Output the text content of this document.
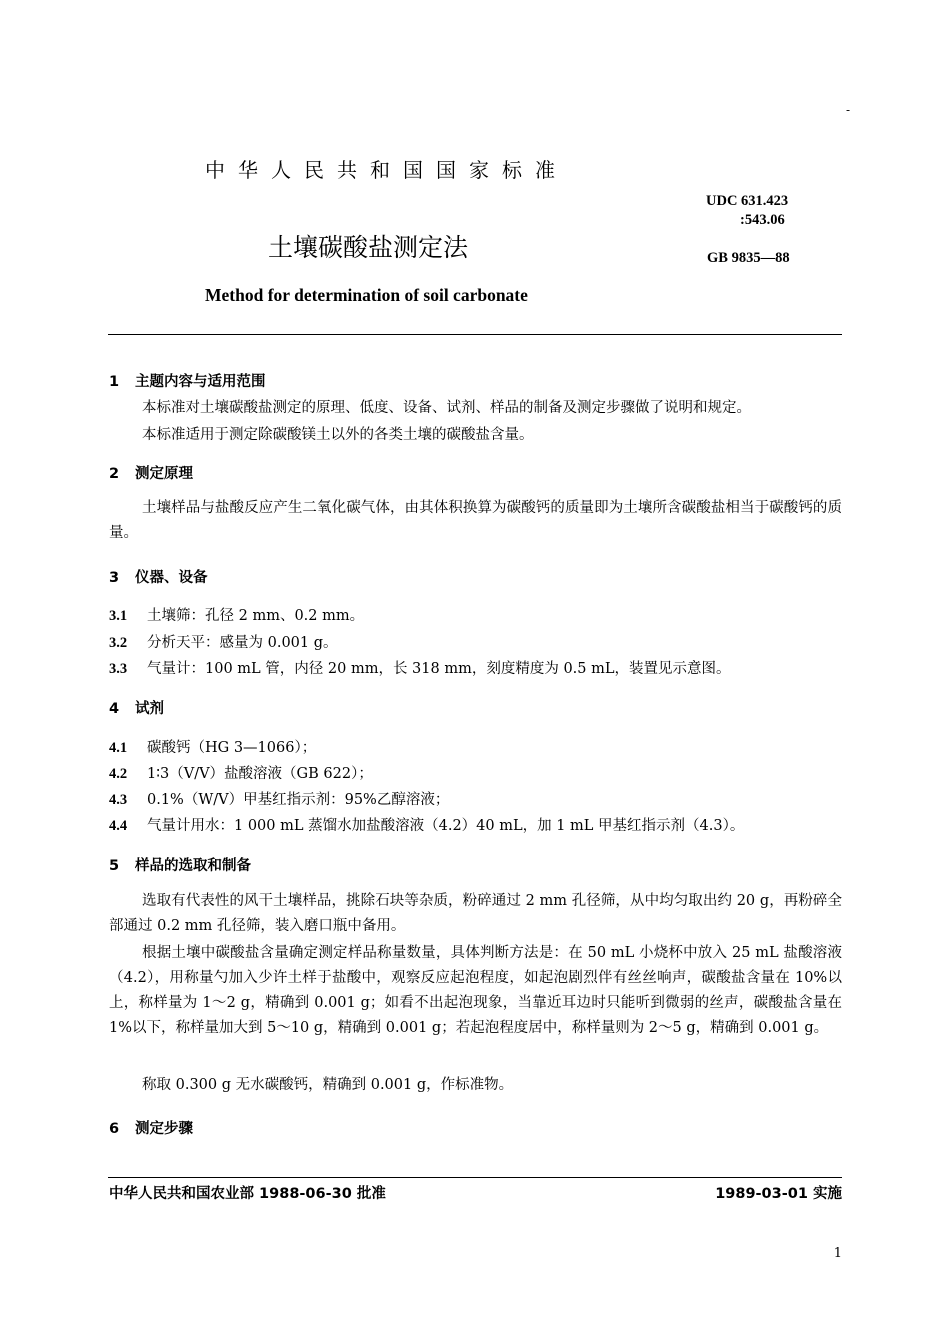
-
中华人民共和国国家标准
UDC 631.423
:543.06
土壤碳酸盐测定法	GB 9835—88
Method for determination of soil carbonate
1 主题内容与适用范围
本标准对土壤碳酸盐测定的原理、低度、设备、试剂、样品的制备及测定步骤做了说明和规定。
本标准适用于测定除碳酸镁土以外的各类土壤的碳酸盐含量。
2 测定原理
土壤样品与盐酸反应产生二氧化碳气体，由其体积换算为碳酸钙的质量即为土壤所含碳酸盐相当于碳酸钙的质量。
3 仪器、设备
3.1 土壤筛：孔径 2 mm、0.2 mm。
3.2 分析天平：感量为 0.001 g。
3.3 气量计：100 mL 管，内径 20 mm，长 318 mm，刻度精度为 0.5 mL，装置见示意图。
4 试剂
4.1 碳酸钙（HG 3—1066）；
4.2 1∶3（V/V）盐酸溶液（GB 622）；
4.3 0.1%（W/V）甲基红指示剂：95%乙醇溶液；
4.4 气量计用水：1 000 mL 蒸馏水加盐酸溶液（4.2）40 mL，加 1 mL 甲基红指示剂（4.3）。
5 样品的选取和制备
选取有代表性的风干土壤样品，挑除石块等杂质，粉碎通过 2 mm 孔径筛，从中均匀取出约 20 g，再粉碎全部通过 0.2 mm 孔径筛，装入磨口瓶中备用。
根据土壤中碳酸盐含量确定测定样品称量数量，具体判断方法是：在 50 mL 小烧杯中放入 25 mL 盐酸溶液（4.2），用称量勺加入少许土样于盐酸中，观察反应起泡程度，如起泡剧烈伴有丝丝响声，碳酸盐含量在 10%以上，称样量为 1～2 g，精确到 0.001 g；如看不出起泡现象，当靠近耳边时只能听到微弱的丝声，碳酸盐含量在 1%以下，称样量加大到 5～10 g，精确到 0.001 g；若起泡程度居中，称样量则为 2～5 g，精确到 0.001 g。
称取 0.300 g 无水碳酸钙，精确到 0.001 g，作标准物。
6 测定步骤
中华人民共和国农业部 1988-06-30 批准	1989-03-01 实施
1
